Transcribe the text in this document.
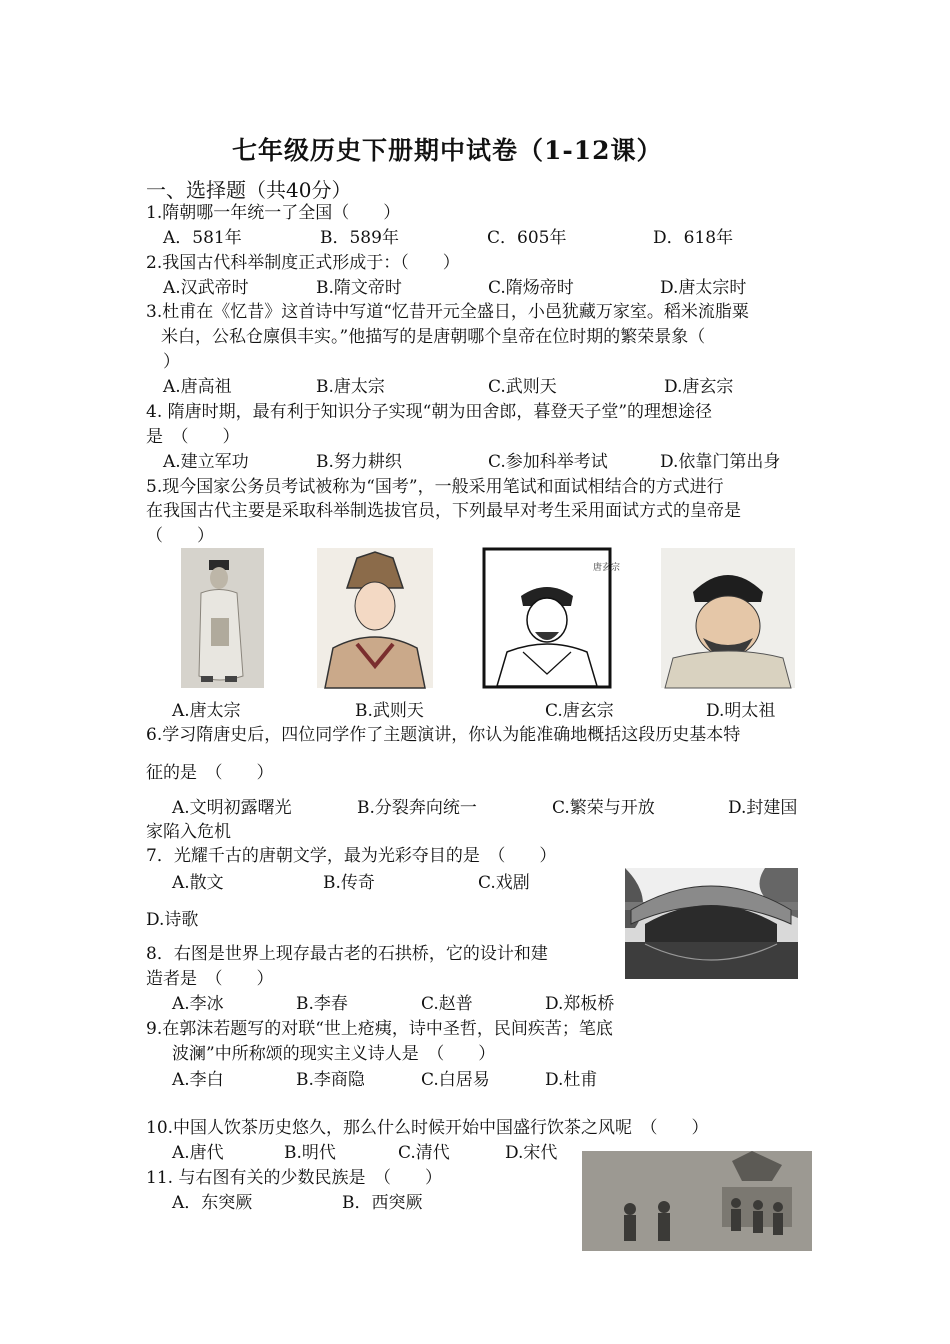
七年级历史下册期中试卷（1-12课）
一、选择题（共40分）
1.隋朝哪一年统一了全国（　　）
A．581年	B．589年	C．605年	D．618年
2.我国古代科举制度正式形成于：（　　）
A.汉武帝时	B.隋文帝时	C.隋炀帝时	D.唐太宗时
3.杜甫在《忆昔》这首诗中写道“忆昔开元全盛日，小邑犹藏万家室。稻米流脂粟
米白，公私仓廪俱丰实。”他描写的是唐朝哪个皇帝在位时期的繁荣景象（
）
A.唐高祖	B.唐太宗	C.武则天	D.唐玄宗
4. 隋唐时期，最有利于知识分子实现“朝为田舍郎，暮登天子堂”的理想途径
是　（　　）
A.建立军功	B.努力耕织	C.参加科举考试	D.依靠门第出身
5.现今国家公务员考试被称为“国考”，一般采用笔试和面试相结合的方式进行
在我国古代主要是采取科举制选拔官员，下列最早对考生采用面试方式的皇帝是
（　　）
唐玄宗
A.唐太宗	B.武则天	C.唐玄宗	D.明太祖
6.学习隋唐史后，四位同学作了主题演讲，你认为能准确地概括这段历史基本特
征的是　（　　）
A.文明初露曙光	B.分裂奔向统一	C.繁荣与开放	D.封建国
家陷入危机
7．光耀千古的唐朝文学，最为光彩夺目的是　（　　）
A.散文	B.传奇	C.戏剧
D.诗歌
8．右图是世界上现存最古老的石拱桥，它的设计和建
造者是　（　　）
A.李冰	B.李春	C.赵普	D.郑板桥
9.在郭沫若题写的对联“世上疮痍，诗中圣哲，民间疾苦；笔底
波澜”中所称颂的现实主义诗人是　（　　）
A.李白	B.李商隐	C.白居易	D.杜甫
10.中国人饮茶历史悠久，那么什么时候开始中国盛行饮茶之风呢　（　　）
A.唐代	B.明代	C.清代	D.宋代
11. 与右图有关的少数民族是　（　　）
A．东突厥	B．西突厥
